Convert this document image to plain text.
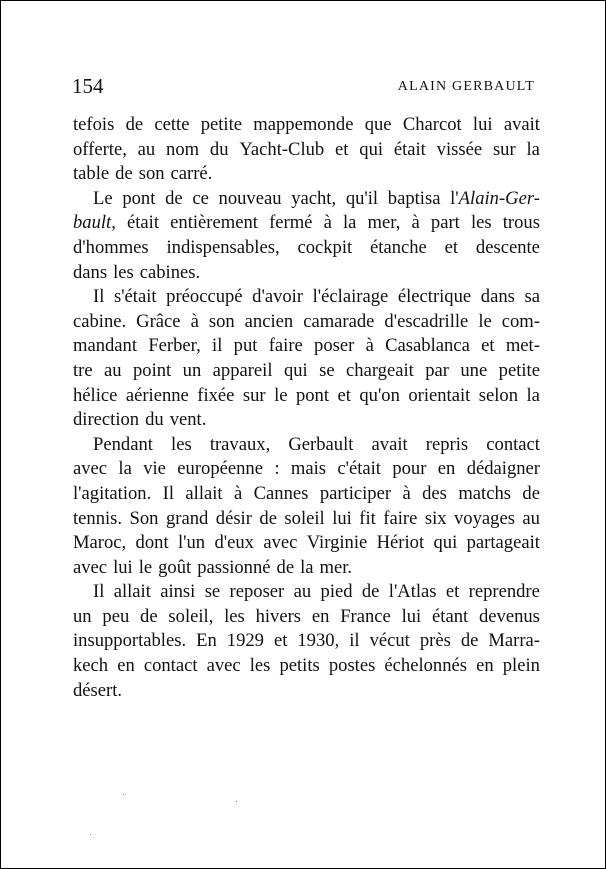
154	ALAIN GERBAULT
tefois de cette petite mappemonde que Charcot lui avait
offerte, au nom du Yacht-Club et qui était vissée sur la
table de son carré.
Le pont de ce nouveau yacht, qu'il baptisa l'Alain-Ger-
bault, était entièrement fermé à la mer, à part les trous
d'hommes indispensables, cockpit étanche et descente
dans les cabines.
Il s'était préoccupé d'avoir l'éclairage électrique dans sa
cabine. Grâce à son ancien camarade d'escadrille le com-
mandant Ferber, il put faire poser à Casablanca et met-
tre au point un appareil qui se chargeait par une petite
hélice aérienne fixée sur le pont et qu'on orientait selon la
direction du vent.
Pendant les travaux, Gerbault avait repris contact
avec la vie européenne : mais c'était pour en dédaigner
l'agitation. Il allait à Cannes participer à des matchs de
tennis. Son grand désir de soleil lui fit faire six voyages au
Maroc, dont l'un d'eux avec Virginie Hériot qui partageait
avec lui le goût passionné de la mer.
Il allait ainsi se reposer au pied de l'Atlas et reprendre
un peu de soleil, les hivers en France lui étant devenus
insupportables. En 1929 et 1930, il vécut près de Marra-
kech en contact avec les petits postes échelonnés en plein
désert.
